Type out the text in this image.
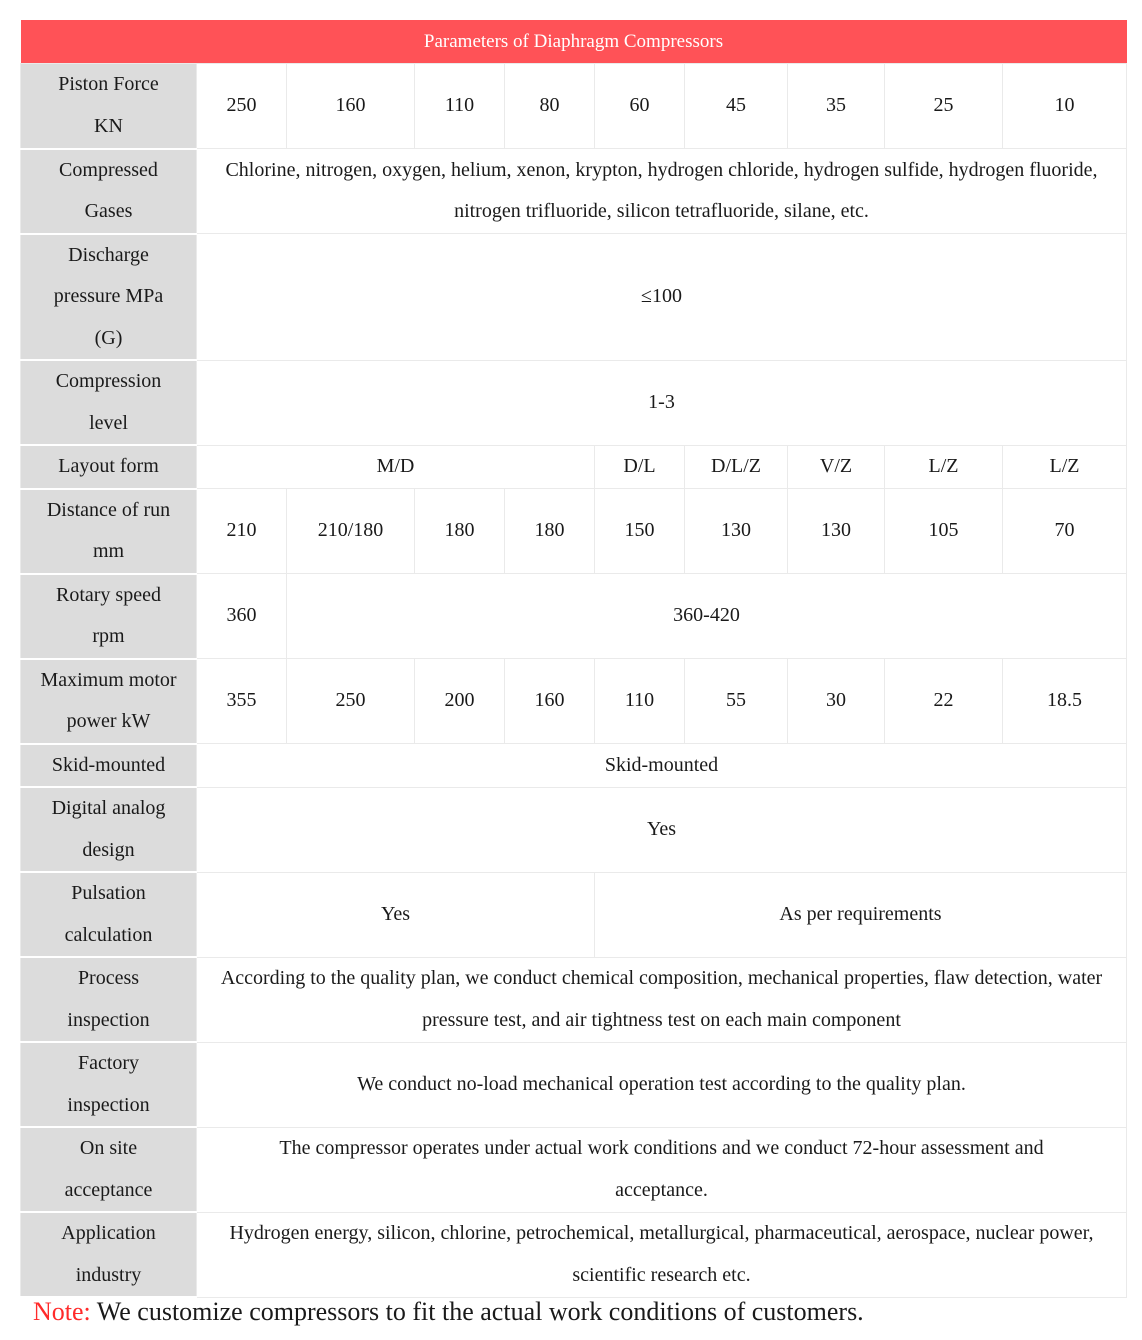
Parameters of Diaphragm Compressors									
Piston Force
KN	250	160	110	80	60	45	35	25	10
Compressed
Gases	Chlorine, nitrogen, oxygen, helium, xenon, krypton, hydrogen chloride, hydrogen sulfide, hydrogen fluoride, nitrogen trifluoride, silicon tetrafluoride, silane, etc.								
Discharge
pressure MPa
(G)	≤100								
Compression
level	1-3								
Layout form	M/D				D/L	D/L/Z	V/Z	L/Z	L/Z
Distance of run
mm	210	210/180	180	180	150	130	130	105	70
Rotary speed
rpm	360	360-420							
Maximum motor
power kW	355	250	200	160	110	55	30	22	18.5
Skid-mounted	Skid-mounted								
Digital analog
design	Yes								
Pulsation
calculation	Yes				As per requirements				
Process
inspection	According to the quality plan, we conduct chemical composition, mechanical properties, flaw detection, water pressure test, and air tightness test on each main component								
Factory
inspection	We conduct no-load mechanical operation test according to the quality plan.								
On site
acceptance	The compressor operates under actual work conditions and we conduct 72-hour assessment and acceptance.								
Application
industry	Hydrogen energy, silicon, chlorine, petrochemical, metallurgical, pharmaceutical, aerospace, nuclear power, scientific research etc.								
Note: We customize compressors to fit the actual work conditions of customers.
